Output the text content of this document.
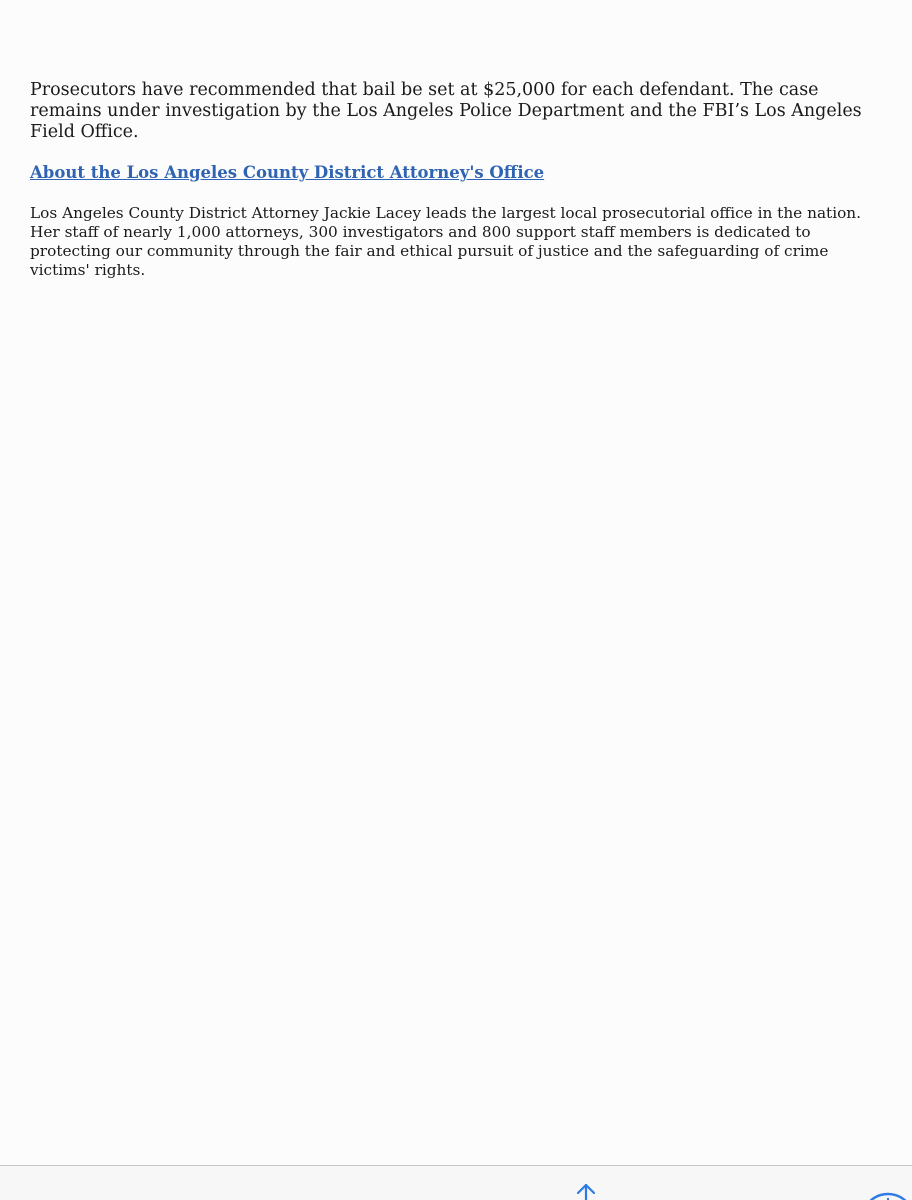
Prosecutors have recommended that bail be set at $25,000 for each defendant. The case remains under investigation by the Los Angeles Police Department and the FBI’s Los Angeles Field Office.

About the Los Angeles County District Attorney's Office

Los Angeles County District Attorney Jackie Lacey leads the largest local prosecutorial office in the nation. Her staff of nearly 1,000 attorneys, 300 investigators and 800 support staff members is dedicated to protecting our community through the fair and ethical pursuit of justice and the safeguarding of crime victims' rights.
